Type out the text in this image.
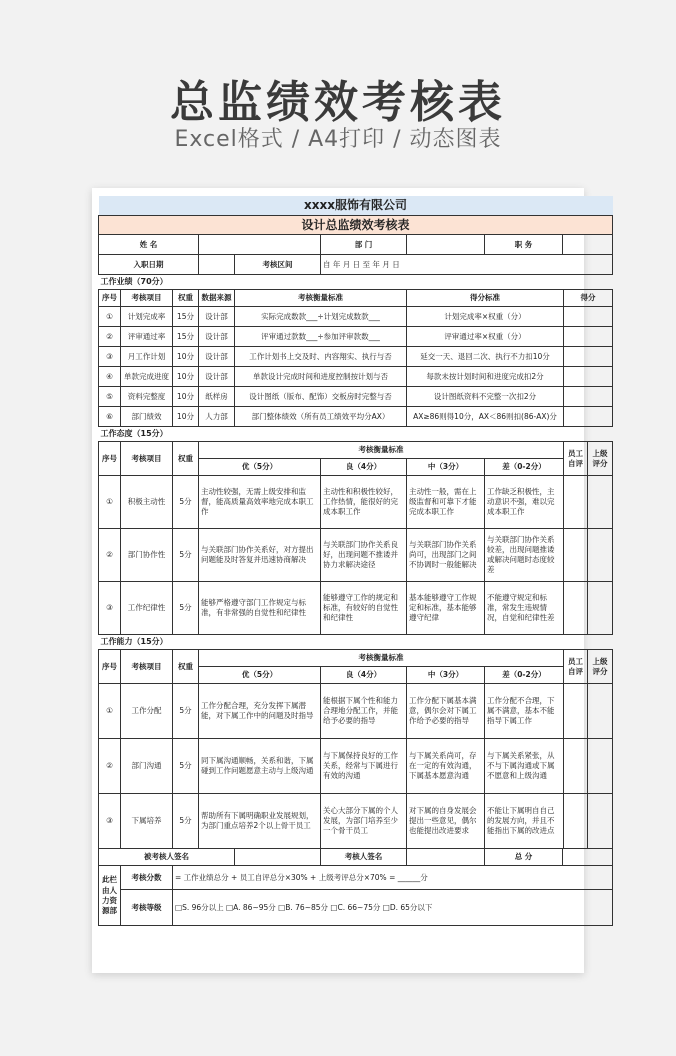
总监绩效考核表
Excel格式 / A4打印 / 动态图表
xxxx服饰有限公司									
设计总监绩效考核表									
姓 名					部 门		职 务		
入职日期				考核区间	自 年 月 日 至 年 月 日				
工作业绩（70分）									
序号	考核项目	权重	数据来源	考核衡量标准		得分标准		得分	
①	计划完成率	15分	设计部	实际完成数款___÷计划完成数款___		计划完成率×权重（分）			
②	评审通过率	15分	设计部	评审通过款数___÷参加评审款数___		评审通过率×权重（分）			
③	月工作计划	10分	设计部	工作计划书上交及时、内容翔实、执行与否		延交一天、退回二次、执行不力扣10分			
④	单款完成进度	10分	设计部	单款设计完成时间和进度控制按计划与否		每款未按计划时间和进度完成扣2分			
⑤	资料完整度	10分	纸样房	设计图纸（版布、配饰）交板房时完整与否		设计图纸资料不完整一次扣2分			
⑥	部门绩效	10分	人力部	部门整体绩效（所有员工绩效平均分AX）		AX≥86则得10分，AX＜86则扣(86-AX)分			
工作态度（15分）									
序号	考核项目	权重	考核衡量标准					员工自评	上级评分
			优（5分）		良（4分）	中（3分）	差（0-2分）		
①	积极主动性	5分	主动性较强，无需上级安排和监督，能高质量高效率地完成本职工作		主动性和积极性较好，工作热情，能很好的完成本职工作	主动性一般，需在上级监督和可靠下才能完成本职工作	工作缺乏积极性，主动意识不强，难以完成本职工作		
②	部门协作性	5分	与关联部门协作关系好，对方提出问题能及时答复并迅速协商解决		与关联部门协作关系良好，出现问题不推诿并协力求解决途径	与关联部门协作关系尚可，出现部门之间不协调时一般能解决	与关联部门协作关系较差，出现问题推诿或解决问题时态度较差		
③	工作纪律性	5分	能够严格遵守部门工作规定与标准，有非常强的自觉性和纪律性		能够遵守工作的规定和标准，有较好的自觉性和纪律性	基本能够遵守工作规定和标准，基本能够遵守纪律	不能遵守规定和标准，常发生违规情况，自觉和纪律性差		
工作能力（15分）									
序号	考核项目	权重	考核衡量标准					员工自评	上级评分
			优（5分）		良（4分）	中（3分）	差（0-2分）		
①	工作分配	5分	工作分配合理，充分发挥下属潜能，对下属工作中的问题及时指导		能根据下属个性和能力合理地分配工作，并能给予必要的指导	工作分配下属基本满意，偶尔会对下属工作给予必要的指导	工作分配不合理，下属不满意，基本不能指导下属工作		
②	部门沟通	5分	同下属沟通顺畅，关系和谐，下属碰到工作问题愿意主动与上级沟通		与下属保持良好的工作关系，经常与下属进行有效的沟通	与下属关系尚可，存在一定的有效沟通，下属基本愿意沟通	与下属关系紧张，从不与下属沟通或下属不愿意和上级沟通		
③	下属培养	5分	帮助所有下属明确职业发展规划，为部门重点培养2个以上骨干员工		关心大部分下属的个人发展，为部门培养至少一个骨干员工	对下属的自身发展会提出一些意见，偶尔也能提出改进要求	不能让下属明自自己的发展方向，并且不能指出下属的改进点		
被考核人签名					考核人签名		总 分		
此栏由人力资源部	考核分数	= 工作业绩总分 + 员工自评总分×30% + 上级考评总分×70% = ______分							
	考核等级	□S. 96分以上 □A. 86~95分 □B. 76~85分 □C. 66~75分 □D. 65分以下							
